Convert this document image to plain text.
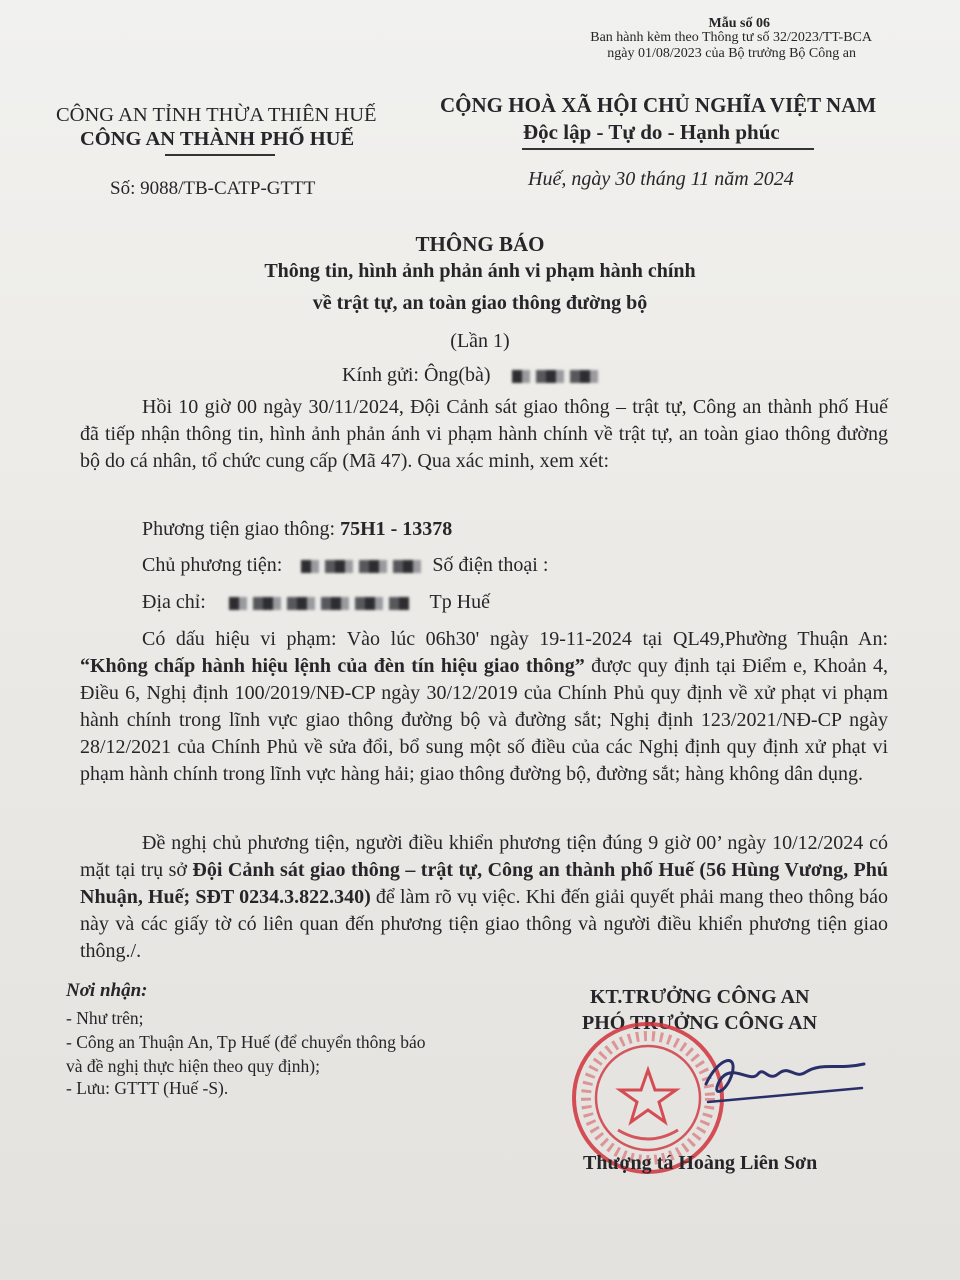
Mẫu số 06
Ban hành kèm theo Thông tư số 32/2023/TT-BCA
ngày 01/08/2023 của Bộ trưởng Bộ Công an
CÔNG AN TỈNH THỪA THIÊN HUẾ
CÔNG AN THÀNH PHỐ HUẾ
Số: 9088/TB-CATP-GTTT
CỘNG HOÀ XÃ HỘI CHỦ NGHĨA VIỆT NAM
Độc lập - Tự do - Hạnh phúc
Huế, ngày 30 tháng 11 năm 2024
THÔNG BÁO
Thông tin, hình ảnh phản ánh vi phạm hành chính
về trật tự, an toàn giao thông đường bộ
(Lần 1)
Kính gửi: Ông(bà)
Hồi 10 giờ 00 ngày 30/11/2024, Đội Cảnh sát giao thông – trật tự, Công an thành phố Huế đã tiếp nhận thông tin, hình ảnh phản ánh vi phạm hành chính về trật tự, an toàn giao thông đường bộ do cá nhân, tổ chức cung cấp (Mã 47). Qua xác minh, xem xét:
Phương tiện giao thông: 75H1 - 13378
Chủ phương tiện:	Số điện thoại :
Địa chỉ:	Tp Huế
Có dấu hiệu vi phạm: Vào lúc 06h30' ngày 19-11-2024 tại QL49,Phường Thuận An: “Không chấp hành hiệu lệnh của đèn tín hiệu giao thông” được quy định tại Điểm e, Khoản 4, Điều 6, Nghị định 100/2019/NĐ-CP ngày 30/12/2019 của Chính Phủ quy định về xử phạt vi phạm hành chính trong lĩnh vực giao thông đường bộ và đường sắt; Nghị định 123/2021/NĐ-CP ngày 28/12/2021 của Chính Phủ về sửa đổi, bổ sung một số điều của các Nghị định quy định xử phạt vi phạm hành chính trong lĩnh vực hàng hải; giao thông đường bộ, đường sắt; hàng không dân dụng.
Đề nghị chủ phương tiện, người điều khiển phương tiện đúng 9 giờ 00’ ngày 10/12/2024 có mặt tại trụ sở Đội Cảnh sát giao thông – trật tự, Công an thành phố Huế (56 Hùng Vương, Phú Nhuận, Huế; SĐT 0234.3.822.340) để làm rõ vụ việc. Khi đến giải quyết phải mang theo thông báo này và các giấy tờ có liên quan đến phương tiện giao thông và người điều khiển phương tiện giao thông./.
Nơi nhận:
- Như trên;
- Công an Thuận An, Tp Huế (để chuyển thông báo
và đề nghị thực hiện theo quy định);
- Lưu: GTTT (Huế -S).
KT.TRƯỞNG CÔNG AN
PHÓ TRƯỞNG CÔNG AN
Thượng tá Hoàng Liên Sơn
